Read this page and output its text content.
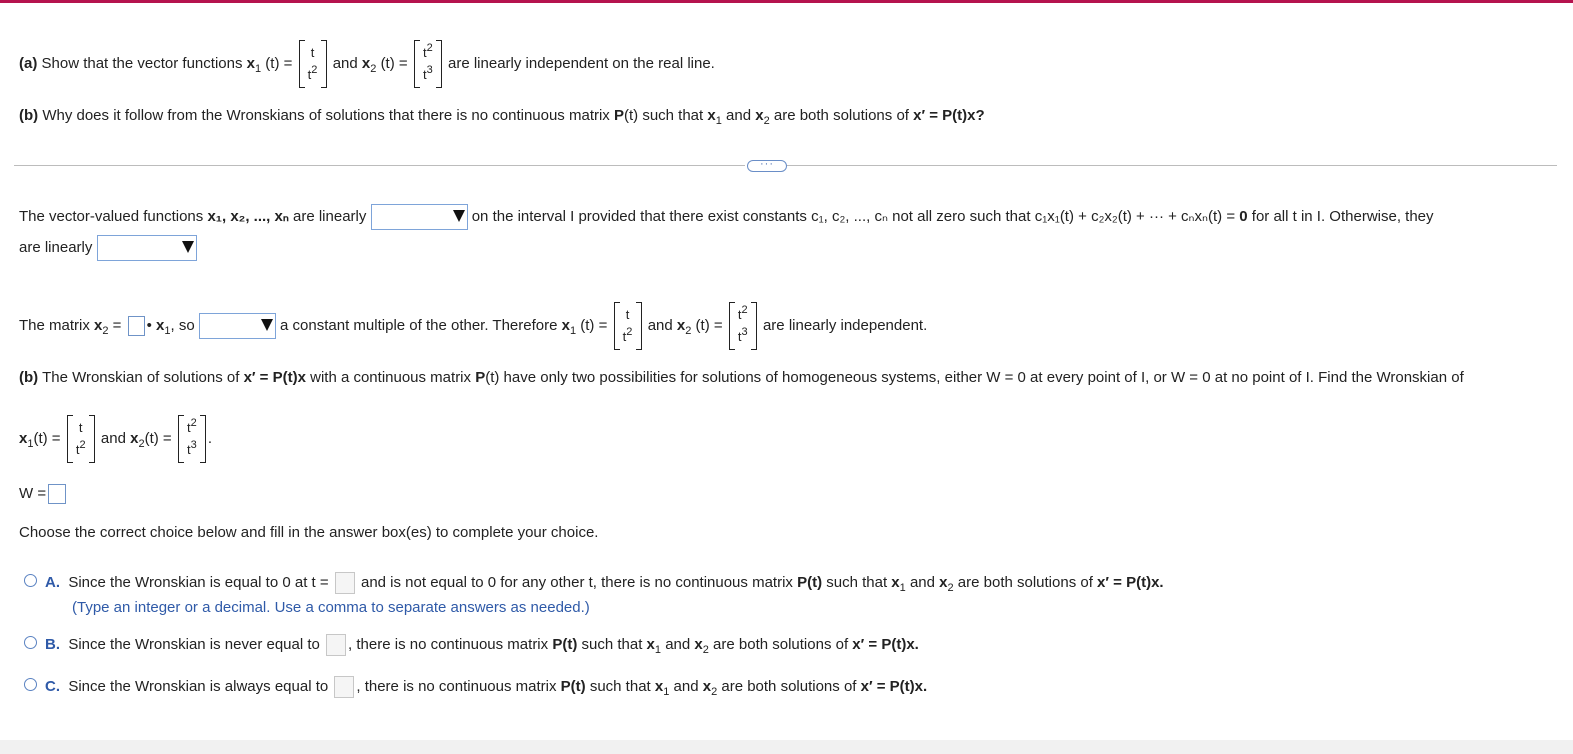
(a) Show that the vector functions $x_1$ (t) =
t
$t^2$	and $x_2$ (t) =
$t^2$
$t^3$	are linearly independent on the real line.
(b) Why does it follow from the Wronskians of solutions that there is no continuous matrix P(t) such that $x_1$ and $x_2$ are both solutions of x′ = P(t)x?
···
The vector-valued functions x₁, x₂, ..., xₙ are linearly	on the interval I provided that there exist constants c₁, c₂, ..., cₙ not all zero such that c₁x₁(t) + c₂x₂(t) + ··· + cₙxₙ(t) = 0 for all t in I. Otherwise, they
are linearly
The matrix $x_2$ = • $x_1$, so	a constant multiple of the other. Therefore $x_1$ (t) =
t
$t^2$	and $x_2$ (t) =
$t^2$
$t^3$	are linearly independent.
(b) The Wronskian of solutions of x′ = P(t)x with a continuous matrix P(t) have only two possibilities for solutions of homogeneous systems, either W = 0 at every point of I, or W = 0 at no point of I. Find the Wronskian of
$x_1(t)$ =
t
$t^2$	and $x_2(t)$ =
$t^2$
$t^3$ .
W =
Choose the correct choice below and fill in the answer box(es) to complete your choice.
A. Since the Wronskian is equal to 0 at t = and is not equal to 0 for any other t, there is no continuous matrix P(t) such that $x_1$ and $x_2$ are both solutions of x′ = P(t)x.
(Type an integer or a decimal. Use a comma to separate answers as needed.)
B. Since the Wronskian is never equal to , there is no continuous matrix P(t) such that $x_1$ and $x_2$ are both solutions of x′ = P(t)x.
C. Since the Wronskian is always equal to , there is no continuous matrix P(t) such that $x_1$ and $x_2$ are both solutions of x′ = P(t)x.
